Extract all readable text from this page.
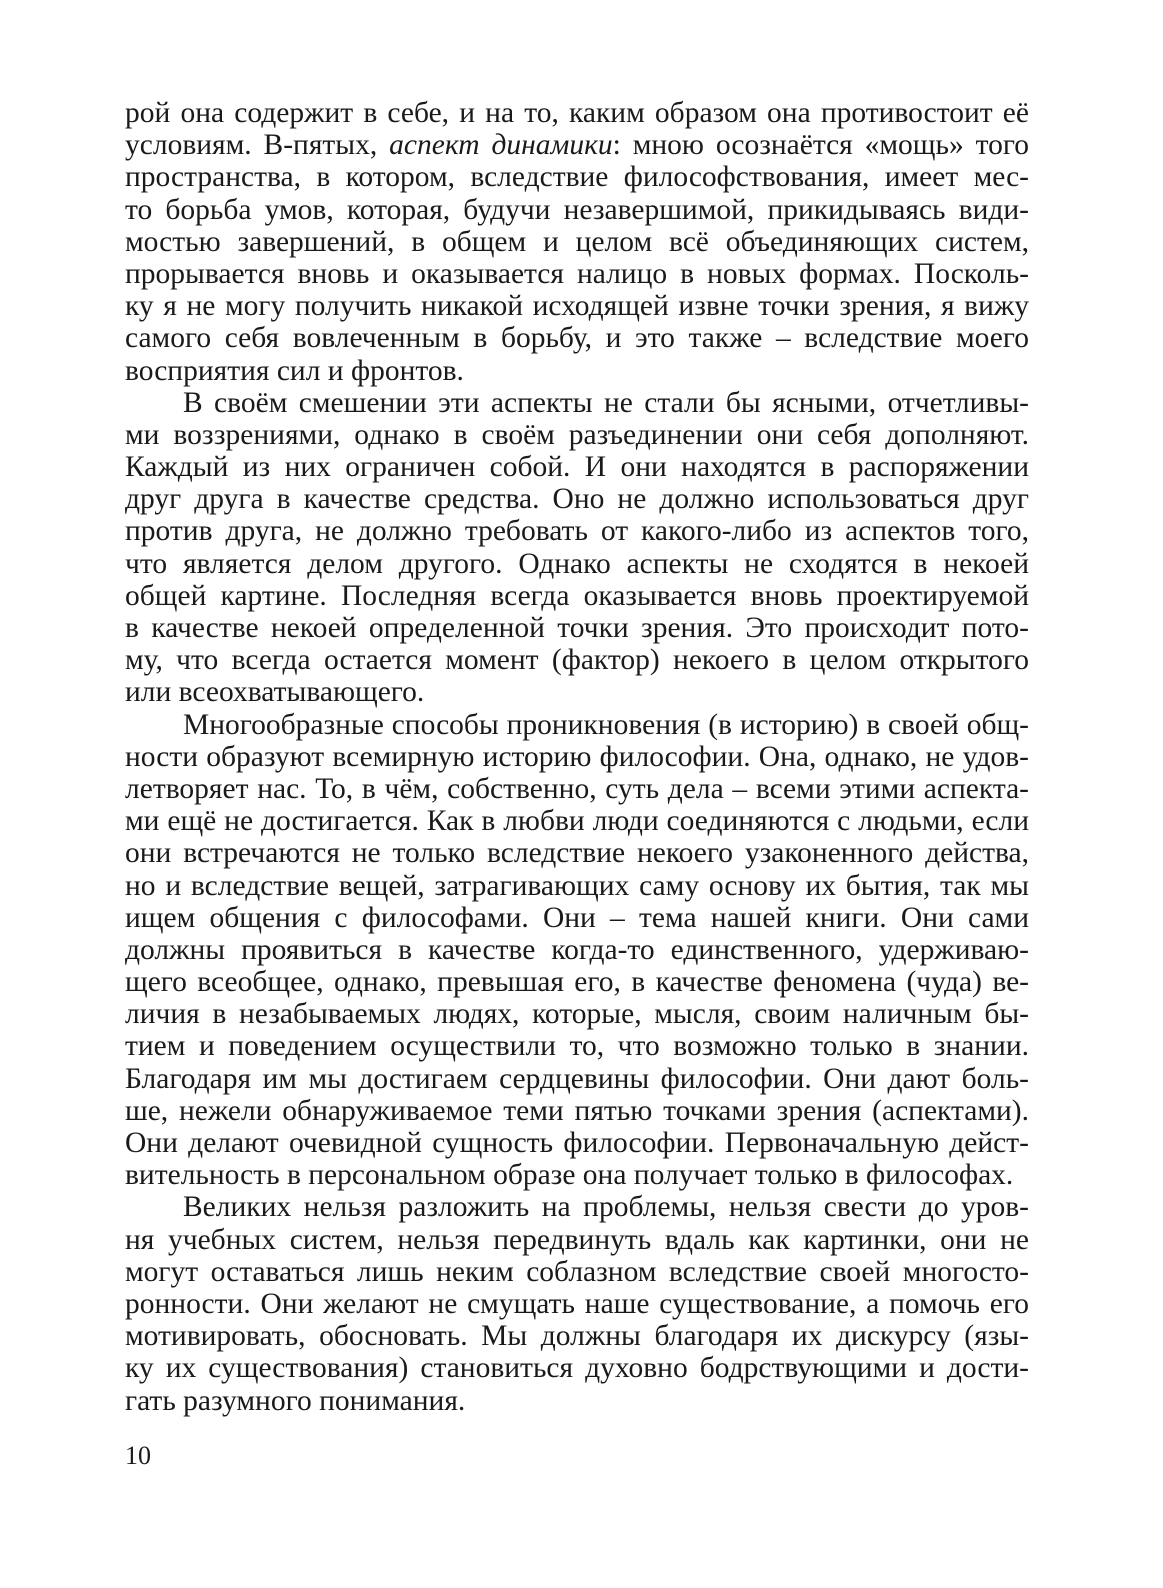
рой она содержит в себе, и на то, каким образом она противостоит её
условиям. В-пятых, аспект динамики: мною осознаётся «мощь» того
пространства, в котором, вследствие философствования, имеет мес-
то борьба умов, которая, будучи незавершимой, прикидываясь види-
мостью завершений, в общем и целом всё объединяющих систем,
прорывается вновь и оказывается налицо в новых формах. Посколь-
ку я не могу получить никакой исходящей извне точки зрения, я вижу
самого себя вовлеченным в борьбу, и это также – вследствие моего
восприятия сил и фронтов.
В своём смешении эти аспекты не стали бы ясными, отчетливы-
ми воззрениями, однако в своём разъединении они себя дополняют.
Каждый из них ограничен собой. И они находятся в распоряжении
друг друга в качестве средства. Оно не должно использоваться друг
против друга, не должно требовать от какого-либо из аспектов того,
что является делом другого. Однако аспекты не сходятся в некоей
общей картине. Последняя всегда оказывается вновь проектируемой
в качестве некоей определенной точки зрения. Это происходит пото-
му, что всегда остается момент (фактор) некоего в целом открытого
или всеохватывающего.
Многообразные способы проникновения (в историю) в своей общ-
ности образуют всемирную историю философии. Она, однако, не удов-
летворяет нас. То, в чём, собственно, суть дела – всеми этими аспекта-
ми ещё не достигается. Как в любви люди соединяются с людьми, если
они встречаются не только вследствие некоего узаконенного действа,
но и вследствие вещей, затрагивающих саму основу их бытия, так мы
ищем общения с философами. Они – тема нашей книги. Они сами
должны проявиться в качестве когда-то единственного, удерживаю-
щего всеобщее, однако, превышая его, в качестве феномена (чуда) ве-
личия в незабываемых людях, которые, мысля, своим наличным бы-
тием и поведением осуществили то, что возможно только в знании.
Благодаря им мы достигаем сердцевины философии. Они дают боль-
ше, нежели обнаруживаемое теми пятью точками зрения (аспектами).
Они делают очевидной сущность философии. Первоначальную дейст-
вительность в персональном образе она получает только в философах.
Великих нельзя разложить на проблемы, нельзя свести до уров-
ня учебных систем, нельзя передвинуть вдаль как картинки, они не
могут оставаться лишь неким соблазном вследствие своей многосто-
ронности. Они желают не смущать наше существование, а помочь его
мотивировать, обосновать. Мы должны благодаря их дискурсу (язы-
ку их существования) становиться духовно бодрствующими и дости-
гать разумного понимания.
10
